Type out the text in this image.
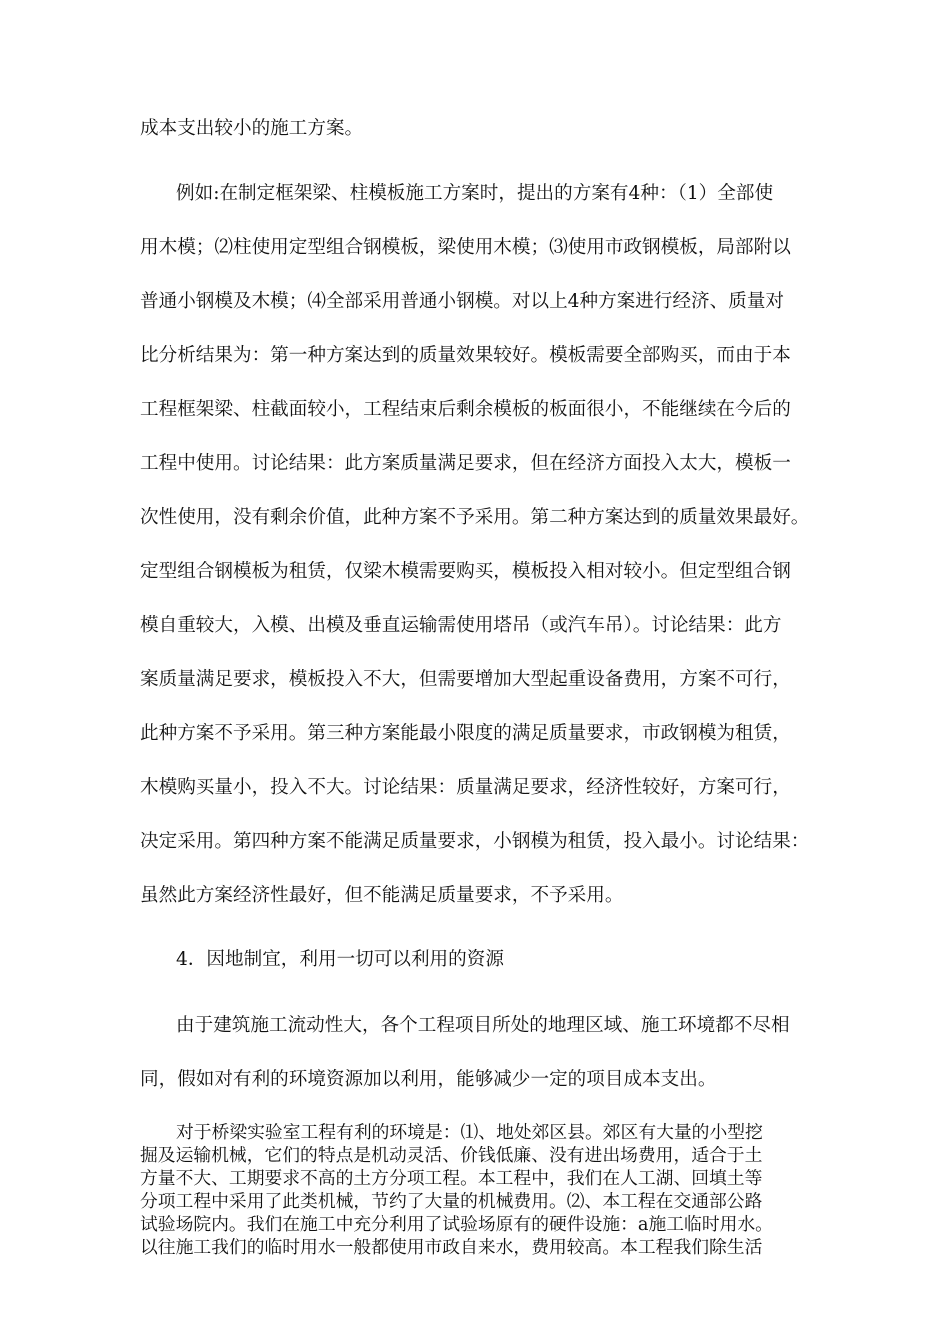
成本支出较小的施工方案。
例如:在制定框架梁、柱模板施工方案时，提出的方案有4种：（1）全部使
用木模；⑵柱使用定型组合钢模板，梁使用木模；⑶使用市政钢模板，局部附以
普通小钢模及木模；⑷全部采用普通小钢模。对以上4种方案进行经济、质量对
比分析结果为：第一种方案达到的质量效果较好。模板需要全部购买，而由于本
工程框架梁、柱截面较小，工程结束后剩余模板的板面很小，不能继续在今后的
工程中使用。讨论结果：此方案质量满足要求，但在经济方面投入太大，模板一
次性使用，没有剩余价值，此种方案不予采用。第二种方案达到的质量效果最好。
定型组合钢模板为租赁，仅梁木模需要购买，模板投入相对较小。但定型组合钢
模自重较大，入模、出模及垂直运输需使用塔吊（或汽车吊）。讨论结果：此方
案质量满足要求，模板投入不大，但需要增加大型起重设备费用，方案不可行，
此种方案不予采用。第三种方案能最小限度的满足质量要求，市政钢模为租赁，
木模购买量小，投入不大。讨论结果：质量满足要求，经济性较好，方案可行，
决定采用。第四种方案不能满足质量要求，小钢模为租赁，投入最小。讨论结果：
虽然此方案经济性最好，但不能满足质量要求，不予采用。
4．因地制宜，利用一切可以利用的资源
由于建筑施工流动性大，各个工程项目所处的地理区域、施工环境都不尽相
同，假如对有利的环境资源加以利用，能够减少一定的项目成本支出。
对于桥梁实验室工程有利的环境是：⑴、地处郊区县。郊区有大量的小型挖
掘及运输机械，它们的特点是机动灵活、价钱低廉、没有进出场费用，适合于土
方量不大、工期要求不高的土方分项工程。本工程中，我们在人工湖、回填土等
分项工程中采用了此类机械，节约了大量的机械费用。⑵、本工程在交通部公路
试验场院内。我们在施工中充分利用了试验场原有的硬件设施：a施工临时用水。
以往施工我们的临时用水一般都使用市政自来水，费用较高。本工程我们除生活
